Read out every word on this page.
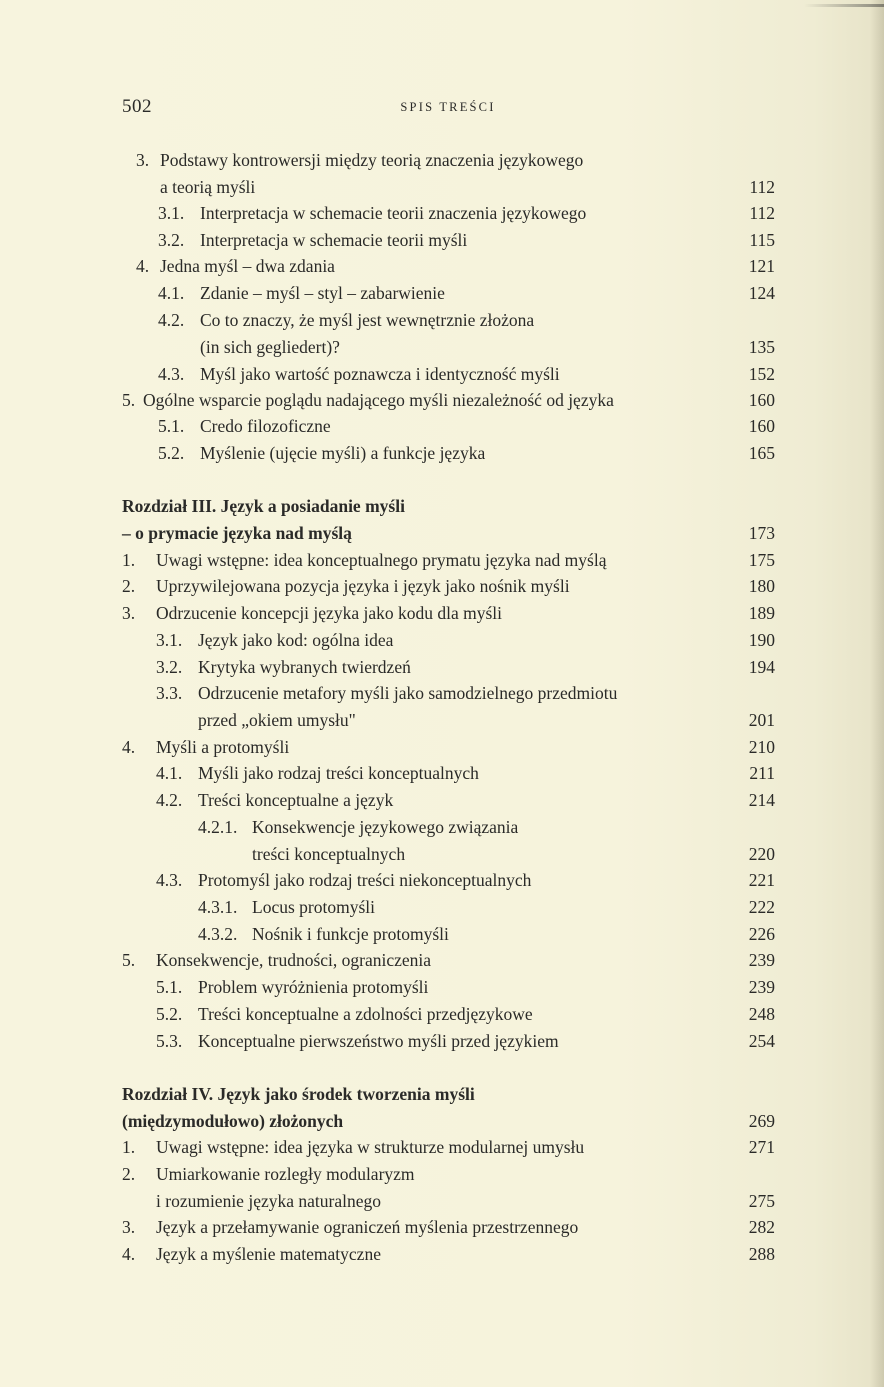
502	SPIS TREŚCI
3. Podstawy kontrowersji między teorią znaczenia językowego
a teorią myśli	112
3.1. Interpretacja w schemacie teorii znaczenia językowego	112
3.2. Interpretacja w schemacie teorii myśli	115
4. Jedna myśl – dwa zdania	121
4.1. Zdanie – myśl – styl – zabarwienie	124
4.2. Co to znaczy, że myśl jest wewnętrznie złożona
(in sich gegliedert)?	135
4.3. Myśl jako wartość poznawcza i identyczność myśli	152
5. Ogólne wsparcie poglądu nadającego myśli niezależność od języka	160
5.1. Credo filozoficzne	160
5.2. Myślenie (ujęcie myśli) a funkcje języka	165
Rozdział III. Język a posiadanie myśli
– o prymacie języka nad myślą	173
1. Uwagi wstępne: idea konceptualnego prymatu języka nad myślą	175
2. Uprzywilejowana pozycja języka i język jako nośnik myśli	180
3. Odrzucenie koncepcji języka jako kodu dla myśli	189
3.1. Język jako kod: ogólna idea	190
3.2. Krytyka wybranych twierdzeń	194
3.3. Odrzucenie metafory myśli jako samodzielnego przedmiotu
przed „okiem umysłu"	201
4. Myśli a protomyśli	210
4.1. Myśli jako rodzaj treści konceptualnych	211
4.2. Treści konceptualne a język	214
4.2.1. Konsekwencje językowego związania
treści konceptualnych	220
4.3. Protomyśl jako rodzaj treści niekonceptualnych	221
4.3.1. Locus protomyśli	222
4.3.2. Nośnik i funkcje protomyśli	226
5. Konsekwencje, trudności, ograniczenia	239
5.1. Problem wyróżnienia protomyśli	239
5.2. Treści konceptualne a zdolności przedjęzykowe	248
5.3. Konceptualne pierwszeństwo myśli przed językiem	254
Rozdział IV. Język jako środek tworzenia myśli
(międzymodułowo) złożonych	269
1. Uwagi wstępne: idea języka w strukturze modularnej umysłu	271
2. Umiarkowanie rozległy modularyzm
i rozumienie języka naturalnego	275
3. Język a przełamywanie ograniczeń myślenia przestrzennego	282
4. Język a myślenie matematyczne	288
